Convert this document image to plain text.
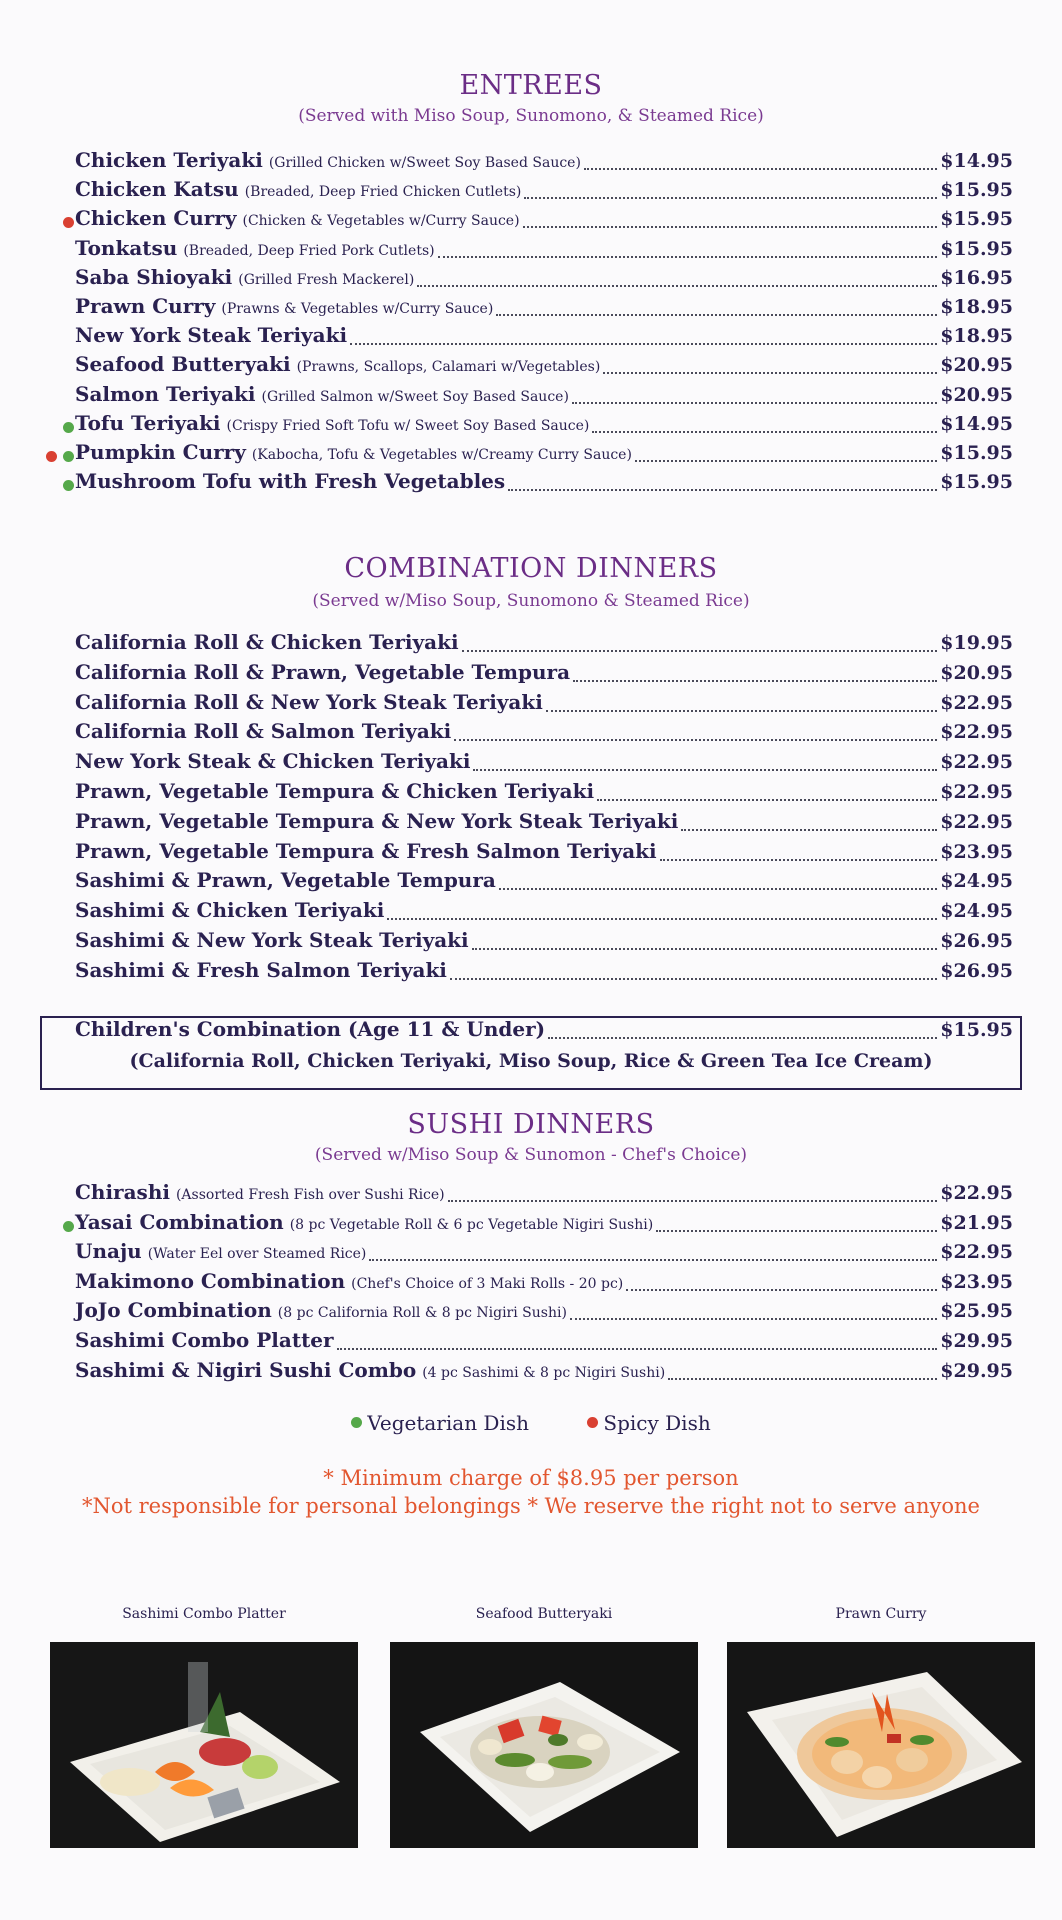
ENTREES
(Served with Miso Soup, Sunomono, & Steamed Rice)
Chicken Teriyaki (Grilled Chicken w/Sweet Soy Based Sauce)	$14.95
Chicken Katsu (Breaded, Deep Fried Chicken Cutlets)	$15.95
Chicken Curry (Chicken & Vegetables w/Curry Sauce)	$15.95
Tonkatsu (Breaded, Deep Fried Pork Cutlets)	$15.95
Saba Shioyaki (Grilled Fresh Mackerel)	$16.95
Prawn Curry (Prawns & Vegetables w/Curry Sauce)	$18.95
New York Steak Teriyaki	$18.95
Seafood Butteryaki (Prawns, Scallops, Calamari w/Vegetables)	$20.95
Salmon Teriyaki (Grilled Salmon w/Sweet Soy Based Sauce)	$20.95
Tofu Teriyaki (Crispy Fried Soft Tofu w/ Sweet Soy Based Sauce)	$14.95
Pumpkin Curry (Kabocha, Tofu & Vegetables w/Creamy Curry Sauce)	$15.95
Mushroom Tofu with Fresh Vegetables	$15.95
COMBINATION DINNERS
(Served w/Miso Soup, Sunomono & Steamed Rice)
California Roll & Chicken Teriyaki	$19.95
California Roll & Prawn, Vegetable Tempura	$20.95
California Roll & New York Steak Teriyaki	$22.95
California Roll & Salmon Teriyaki	$22.95
New York Steak & Chicken Teriyaki	$22.95
Prawn, Vegetable Tempura & Chicken Teriyaki	$22.95
Prawn, Vegetable Tempura & New York Steak Teriyaki	$22.95
Prawn, Vegetable Tempura & Fresh Salmon Teriyaki	$23.95
Sashimi & Prawn, Vegetable Tempura	$24.95
Sashimi & Chicken Teriyaki	$24.95
Sashimi & New York Steak Teriyaki	$26.95
Sashimi & Fresh Salmon Teriyaki	$26.95
Children's Combination (Age 11 & Under)	$15.95
(California Roll, Chicken Teriyaki, Miso Soup, Rice & Green Tea Ice Cream)
SUSHI DINNERS
(Served w/Miso Soup & Sunomon - Chef's Choice)
Chirashi (Assorted Fresh Fish over Sushi Rice)	$22.95
Yasai Combination (8 pc Vegetable Roll & 6 pc Vegetable Nigiri Sushi)	$21.95
Unaju (Water Eel over Steamed Rice)	$22.95
Makimono Combination (Chef's Choice of 3 Maki Rolls - 20 pc)	$23.95
JoJo Combination (8 pc California Roll & 8 pc Nigiri Sushi)	$25.95
Sashimi Combo Platter	$29.95
Sashimi & Nigiri Sushi Combo (4 pc Sashimi & 8 pc Nigiri Sushi)	$29.95
Vegetarian Dish
	Spicy Dish
* Minimum charge of $8.95 per person
*Not responsible for personal belongings * We reserve the right not to serve anyone
Sashimi Combo Platter	Seafood Butteryaki	Prawn Curry
